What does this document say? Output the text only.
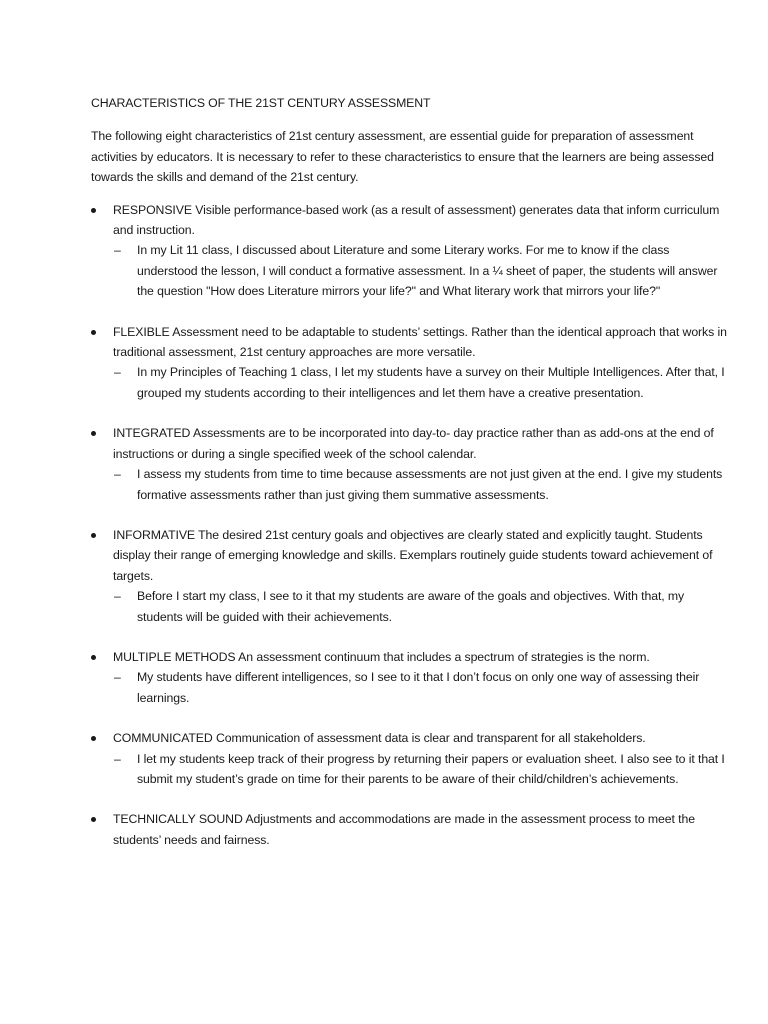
CHARACTERISTICS OF THE 21ST CENTURY ASSESSMENT

The following eight characteristics of 21st century assessment, are essential guide for preparation of assessment activities by educators. It is necessary to refer to these characteristics to ensure that the learners are being assessed towards the skills and demand of the 21st century.

RESPONSIVE Visible performance-based work (as a result of assessment) generates data that inform curriculum and instruction.
– In my Lit 11 class, I discussed about Literature and some Literary works. For me to know if the class understood the lesson, I will conduct a formative assessment. In a ¼ sheet of paper, the students will answer the question "How does Literature mirrors your life?" and What literary work that mirrors your life?"
FLEXIBLE Assessment need to be adaptable to students’ settings. Rather than the identical approach that works in traditional assessment, 21st century approaches are more versatile.
– In my Principles of Teaching 1 class, I let my students have a survey on their Multiple Intelligences. After that, I grouped my students according to their intelligences and let them have a creative presentation.
INTEGRATED Assessments are to be incorporated into day-to- day practice rather than as add-ons at the end of instructions or during a single specified week of the school calendar.
– I assess my students from time to time because assessments are not just given at the end. I give my students formative assessments rather than just giving them summative assessments.
INFORMATIVE The desired 21st century goals and objectives are clearly stated and explicitly taught. Students display their range of emerging knowledge and skills. Exemplars routinely guide students toward achievement of targets.
– Before I start my class, I see to it that my students are aware of the goals and objectives. With that, my students will be guided with their achievements.
MULTIPLE METHODS An assessment continuum that includes a spectrum of strategies is the norm.
– My students have different intelligences, so I see to it that I don’t focus on only one way of assessing their learnings.
COMMUNICATED Communication of assessment data is clear and transparent for all stakeholders.
– I let my students keep track of their progress by returning their papers or evaluation sheet. I also see to it that I submit my student’s grade on time for their parents to be aware of their child/children’s achievements.
TECHNICALLY SOUND Adjustments and accommodations are made in the assessment process to meet the students’ needs and fairness.
